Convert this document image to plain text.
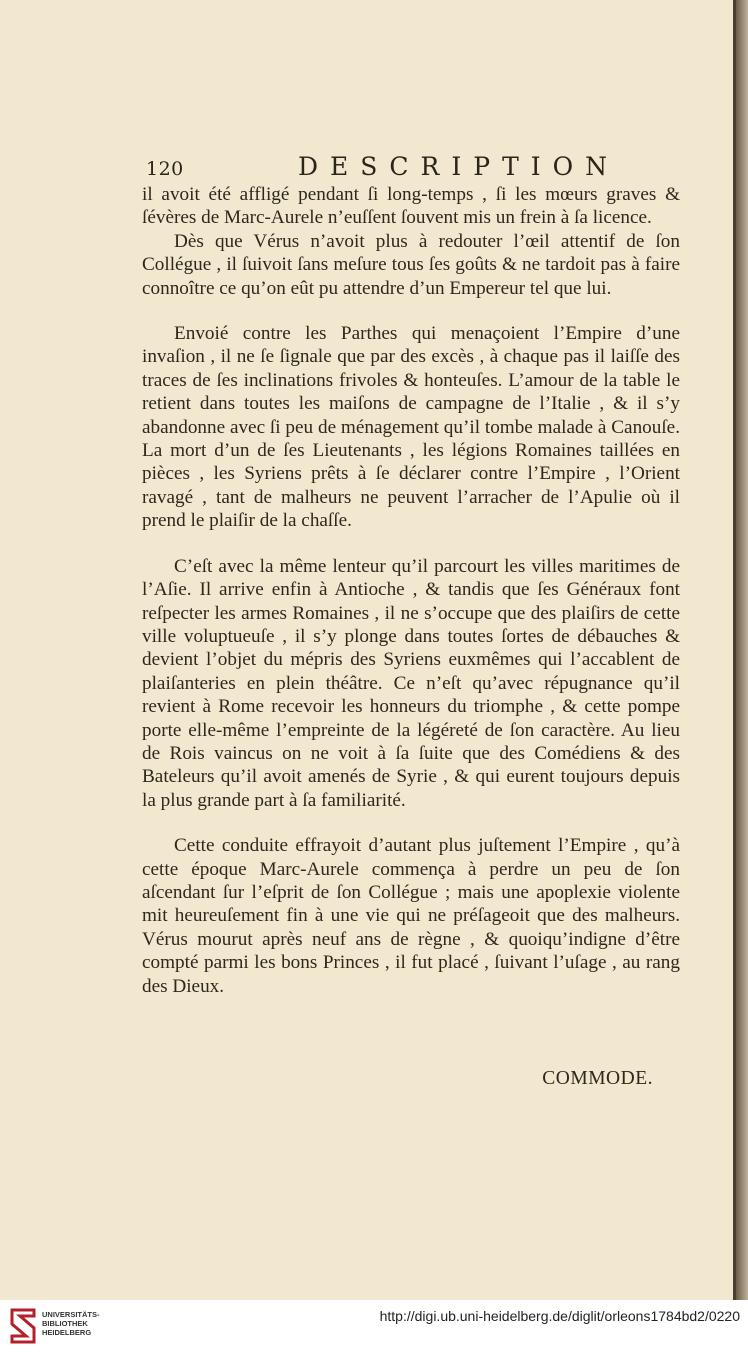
120	DESCRIPTION

il avoit été affligé pendant ſi long-temps , ſi les mœurs graves & ſévères de Marc-Aurele n’euſſent ſouvent mis un frein à ſa licence.

Dès que Vérus n’avoit plus à redouter l’œil attentif de ſon Collégue , il ſuivoit ſans meſure tous ſes goûts & ne tardoit pas à faire connoître ce qu’on eût pu attendre d’un Empereur tel que lui.

Envoié contre les Parthes qui menaçoient l’Empire d’une invaſion , il ne ſe ſignale que par des excès , à chaque pas il laiſſe des traces de ſes inclinations frivoles & honteuſes. L’amour de la table le retient dans toutes les maiſons de campagne de l’Italie , & il s’y abandonne avec ſi peu de ménagement qu’il tombe malade à Canouſe. La mort d’un de ſes Lieutenants , les légions Romaines taillées en pièces , les Syriens prêts à ſe déclarer contre l’Empire , l’Orient ravagé , tant de malheurs ne peuvent l’arracher de l’Apulie où il prend le plaiſir de la chaſſe.

C’eſt avec la même lenteur qu’il parcourt les villes maritimes de l’Aſie. Il arrive enfin à Antioche , & tandis que ſes Généraux font reſpecter les armes Romaines , il ne s’occupe que des plaiſirs de cette ville voluptueuſe , il s’y plonge dans toutes ſortes de débauches & devient l’objet du mépris des Syriens euxmêmes qui l’accablent de plaiſanteries en plein théâtre. Ce n’eſt qu’avec répugnance qu’il revient à Rome recevoir les honneurs du triomphe , & cette pompe porte elle-même l’empreinte de la légéreté de ſon caractère. Au lieu de Rois vaincus on ne voit à ſa ſuite que des Comédiens & des Bateleurs qu’il avoit amenés de Syrie , & qui eurent toujours depuis la plus grande part à ſa familiarité.

Cette conduite effrayoit d’autant plus juſtement l’Empire , qu’à cette époque Marc-Aurele commença à perdre un peu de ſon aſcendant ſur l’eſprit de ſon Collégue ; mais une apoplexie violente mit heureuſement fin à une vie qui ne préſageoit que des malheurs. Vérus mourut après neuf ans de règne , & quoiqu’indigne d’être compté parmi les bons Princes , il fut placé , ſuivant l’uſage , au rang des Dieux.

COMMODE.
UNIVERSITÄTS-
BIBLIOTHEK
HEIDELBERG
http://digi.ub.uni-heidelberg.de/diglit/orleons1784bd2/0220
